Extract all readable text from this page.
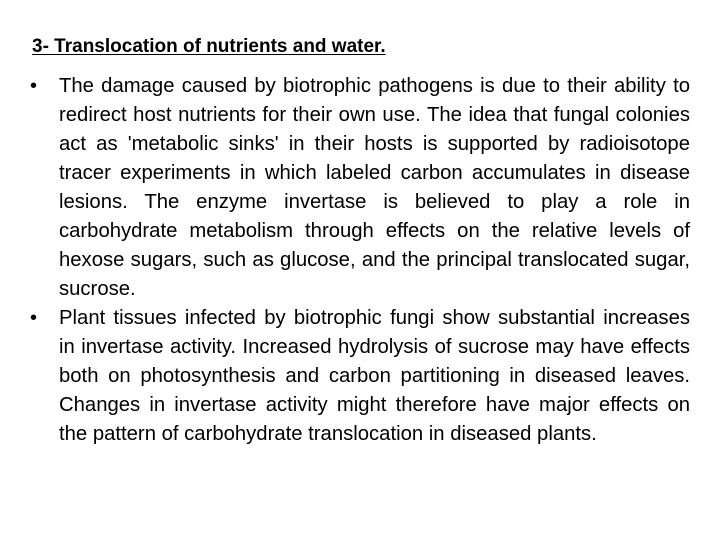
3- Translocation of nutrients and water.
• The damage caused by biotrophic pathogens is due to their ability to redirect host nutrients for their own use. The idea that fungal colonies act as 'metabolic sinks' in their hosts is supported by radioisotope tracer experiments in which labeled carbon accumulates in disease lesions. The enzyme invertase is believed to play a role in carbohydrate metabolism through effects on the relative levels of hexose sugars, such as glucose, and the principal translocated sugar, sucrose.
• Plant tissues infected by biotrophic fungi show substantial increases in invertase activity. Increased hydrolysis of sucrose may have effects both on photosynthesis and carbon partitioning in diseased leaves. Changes in invertase activity might therefore have major effects on the pattern of carbohydrate translocation in diseased plants.
